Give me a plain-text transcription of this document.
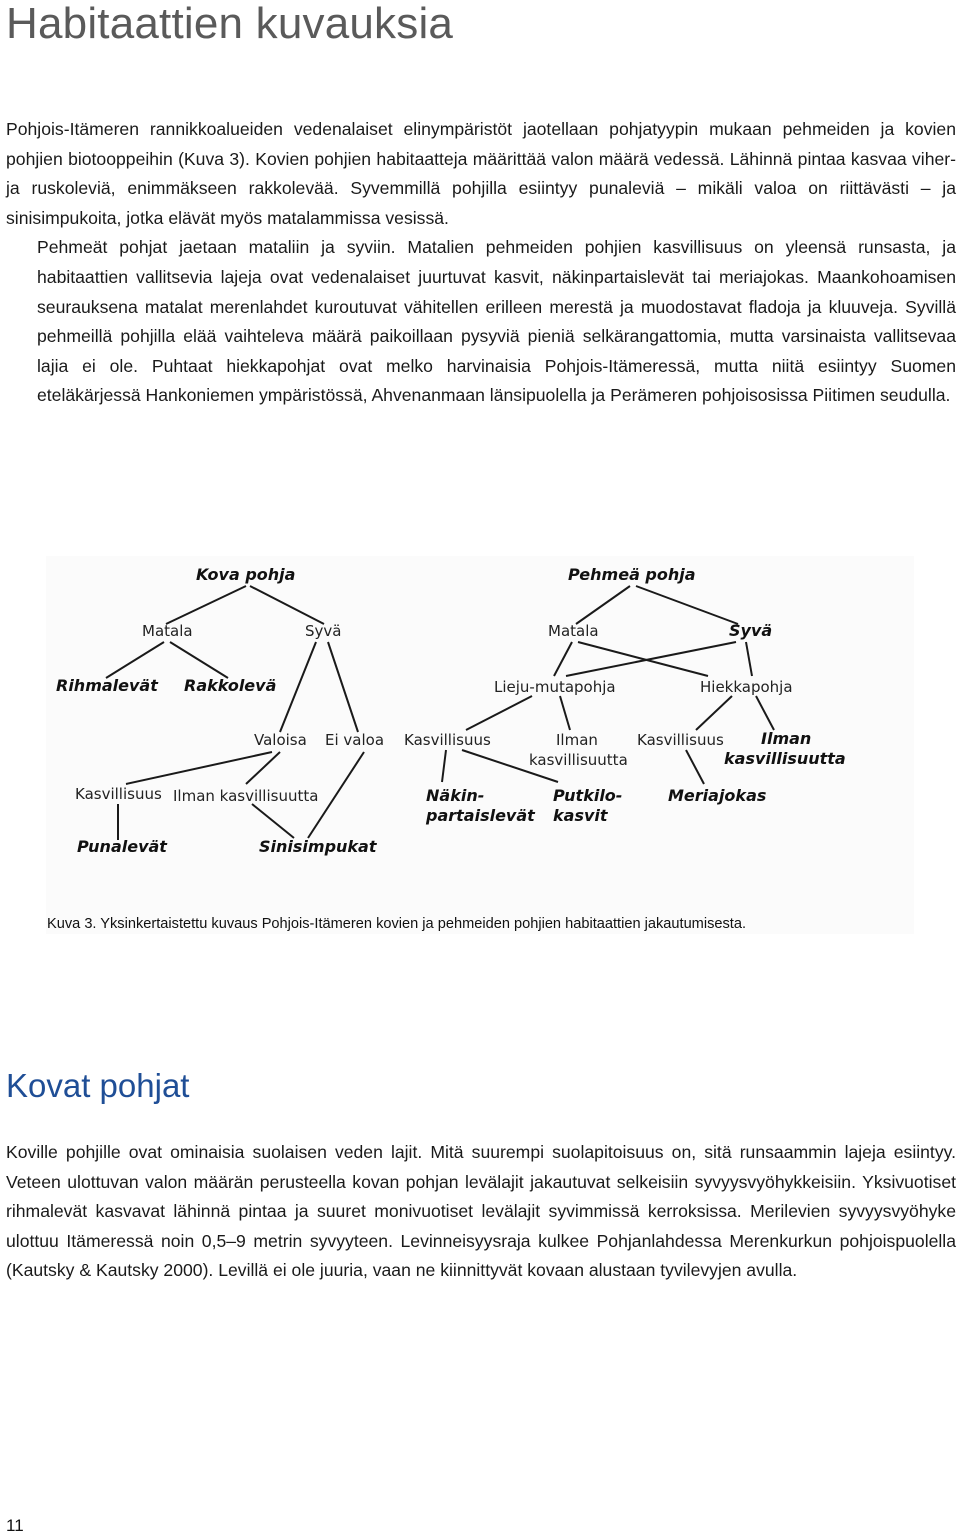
Habitaattien kuvauksia

Pohjois-Itämeren rannikkoalueiden vedenalaiset elinympäristöt jaotellaan pohjatyypin mukaan pehmeiden ja kovien pohjien biotooppeihin (Kuva 3). Kovien pohjien habitaatteja määrittää valon määrä vedessä. Lähinnä pintaa kasvaa viher- ja ruskoleviä, enimmäkseen rakkolevää. Syvemmillä pohjilla esiintyy punaleviä – mikäli valoa on riittävästi – ja sinisimpukoita, jotka elävät myös matalammissa vesissä.

Pehmeät pohjat jaetaan mataliin ja syviin. Matalien pehmeiden pohjien kasvillisuus on yleensä runsasta, ja habitaattien vallitsevia lajeja ovat vedenalaiset juurtuvat kasvit, näkinpartaislevät tai meriajokas. Maankohoamisen seurauksena matalat merenlahdet kuroutuvat vähitellen erilleen merestä ja muodostavat fladoja ja kluuveja. Syvillä pehmeillä pohjilla elää vaihteleva määrä paikoillaan pysyviä pieniä selkärangattomia, mutta varsinaista vallitsevaa lajia ei ole. Puhtaat hiekkapohjat ovat melko harvinaisia Pohjois-Itämeressä, mutta niitä esiintyy Suomen eteläkärjessä Hankoniemen ympäristössä, Ahvenanmaan länsipuolella ja Perämeren pohjoisosissa Piitimen seudulla.

Kova pohja
Matala	Syvä
Rihmalevät Rakkolevä
Valoisa Ei valoa
Kasvillisuus Ilman kasvillisuutta
Punalevät	Sinisimpukat
Pehmeä pohja
Matala	Syvä
Lieju-mutapohja	Hiekkapohja
Kasvillisuus	Ilman
kasvillisuutta
Kasvillisuus Ilman
kasvillisuutta
Näkin-
partaislevät
Putkilo-
kasvit
Meriajokas
Kuva 3. Yksinkertaistettu kuvaus Pohjois-Itämeren kovien ja pehmeiden pohjien habitaattien jakautumisesta.
Kovat pohjat

Koville pohjille ovat ominaisia suolaisen veden lajit. Mitä suurempi suolapitoisuus on, sitä runsaammin lajeja esiintyy. Veteen ulottuvan valon määrän perusteella kovan pohjan levälajit jakautuvat selkeisiin syvyysvyöhykkeisiin. Yksivuotiset rihmalevät kasvavat lähinnä pintaa ja suuret monivuotiset levälajit syvimmissä kerroksissa. Merilevien syvyysvyöhyke ulottuu Itämeressä noin 0,5–9 metrin syvyyteen. Levinneisyysraja kulkee Pohjanlahdessa Merenkurkun pohjoispuolella (Kautsky & Kautsky 2000). Levillä ei ole juuria, vaan ne kiinnittyvät kovaan alustaan tyvilevyjen avulla.

11
